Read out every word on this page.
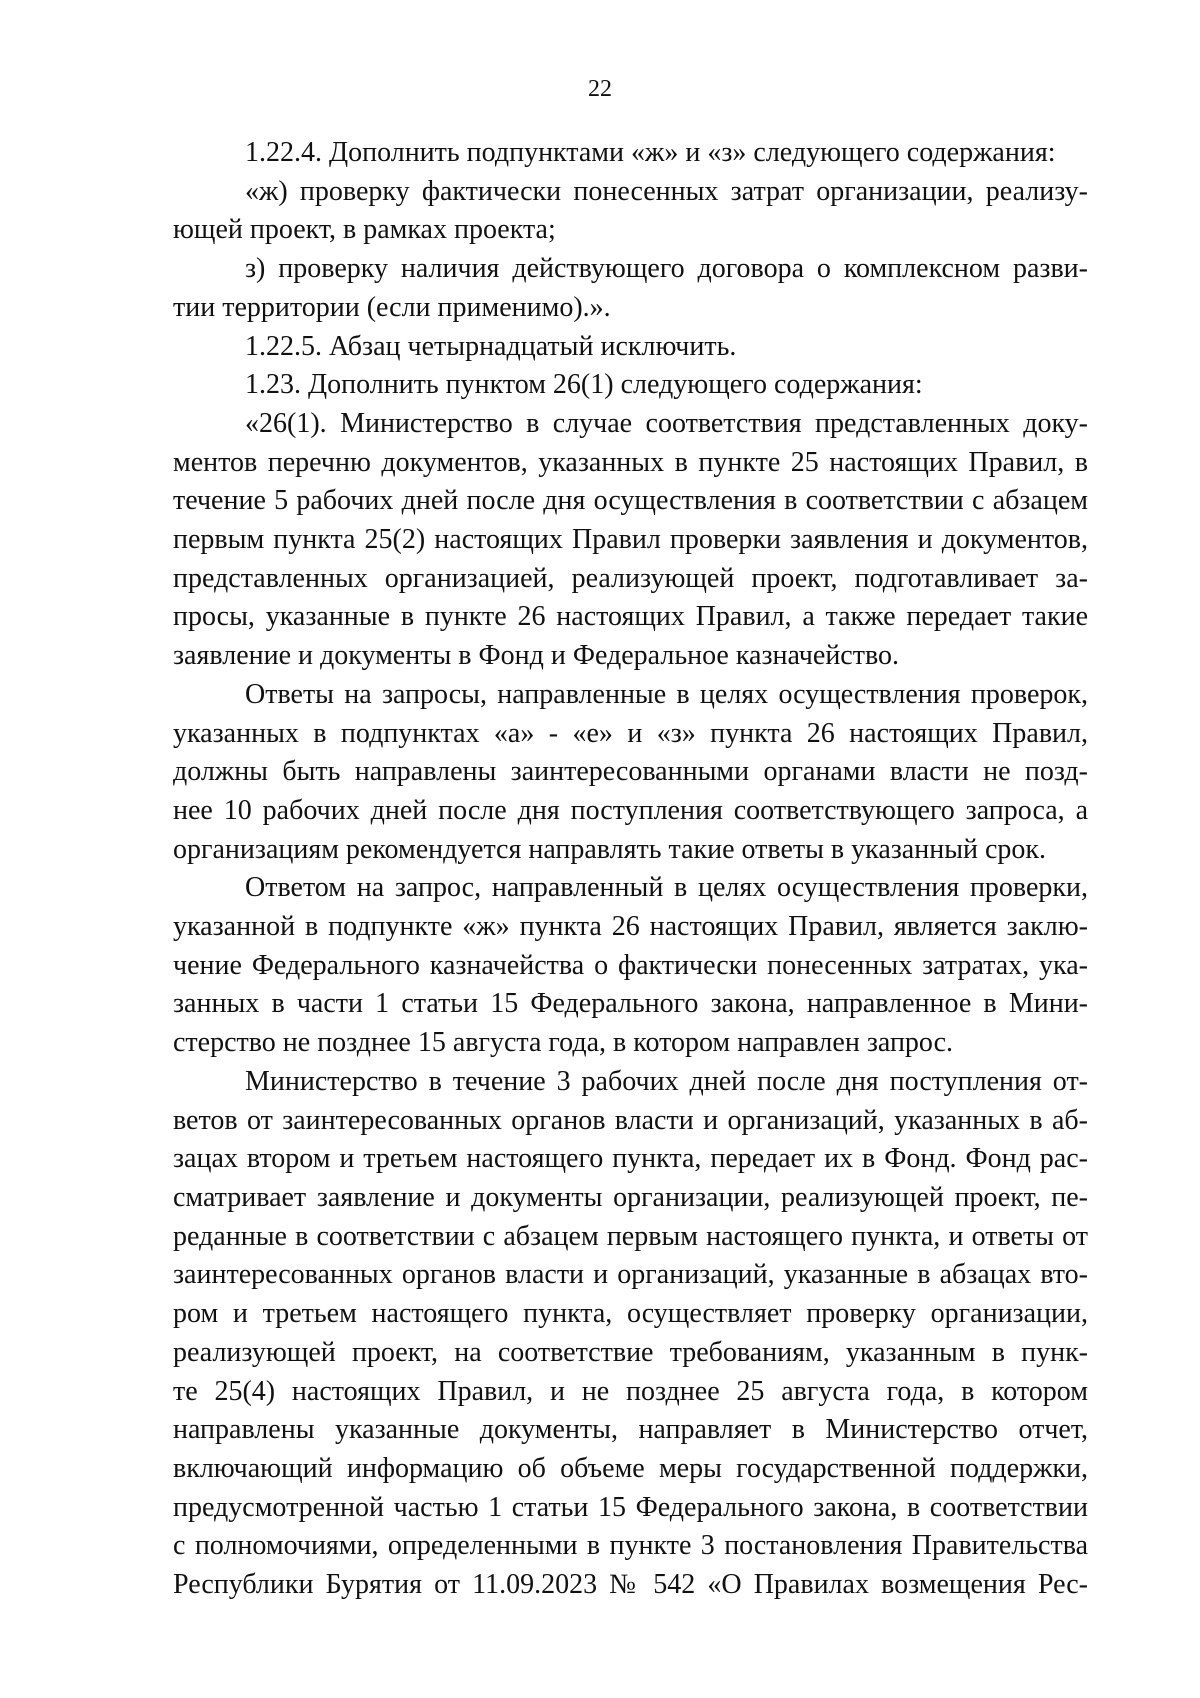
22

1.22.4. Дополнить подпунктами «ж» и «з» следующего содержания:

«ж) проверку фактически понесенных затрат организации, реализу-
ющей проект, в рамках проекта;

з) проверку наличия действующего договора о комплексном разви-
тии территории (если применимо).».

1.22.5. Абзац четырнадцатый исключить.

1.23. Дополнить пунктом 26(1) следующего содержания:

«26(1). Министерство в случае соответствия представленных доку-
ментов перечню документов, указанных в пункте 25 настоящих Правил, в
течение 5 рабочих дней после дня осуществления в соответствии с абзацем
первым пункта 25(2) настоящих Правил проверки заявления и документов,
представленных организацией, реализующей проект, подготавливает за-
просы, указанные в пункте 26 настоящих Правил, а также передает такие
заявление и документы в Фонд и Федеральное казначейство.

Ответы на запросы, направленные в целях осуществления проверок,
указанных в подпунктах «а» - «е» и «з» пункта 26 настоящих Правил,
должны быть направлены заинтересованными органами власти не позд-
нее 10 рабочих дней после дня поступления соответствующего запроса, а
организациям рекомендуется направлять такие ответы в указанный срок.

Ответом на запрос, направленный в целях осуществления проверки,
указанной в подпункте «ж» пункта 26 настоящих Правил, является заклю-
чение Федерального казначейства о фактически понесенных затратах, ука-
занных в части 1 статьи 15 Федерального закона, направленное в Мини-
стерство не позднее 15 августа года, в котором направлен запрос.

Министерство в течение 3 рабочих дней после дня поступления от-
ветов от заинтересованных органов власти и организаций, указанных в аб-
зацах втором и третьем настоящего пункта, передает их в Фонд. Фонд рас-
сматривает заявление и документы организации, реализующей проект, пе-
реданные в соответствии с абзацем первым настоящего пункта, и ответы от
заинтересованных органов власти и организаций, указанные в абзацах вто-
ром и третьем настоящего пункта, осуществляет проверку организации,
реализующей проект, на соответствие требованиям, указанным в пунк-
те 25(4) настоящих Правил, и не позднее 25 августа года, в котором
направлены указанные документы, направляет в Министерство отчет,
включающий информацию об объеме меры государственной поддержки,
предусмотренной частью 1 статьи 15 Федерального закона, в соответствии
с полномочиями, определенными в пункте 3 постановления Правительства
Республики Бурятия от 11.09.2023 № 542 «О Правилах возмещения Рес-
